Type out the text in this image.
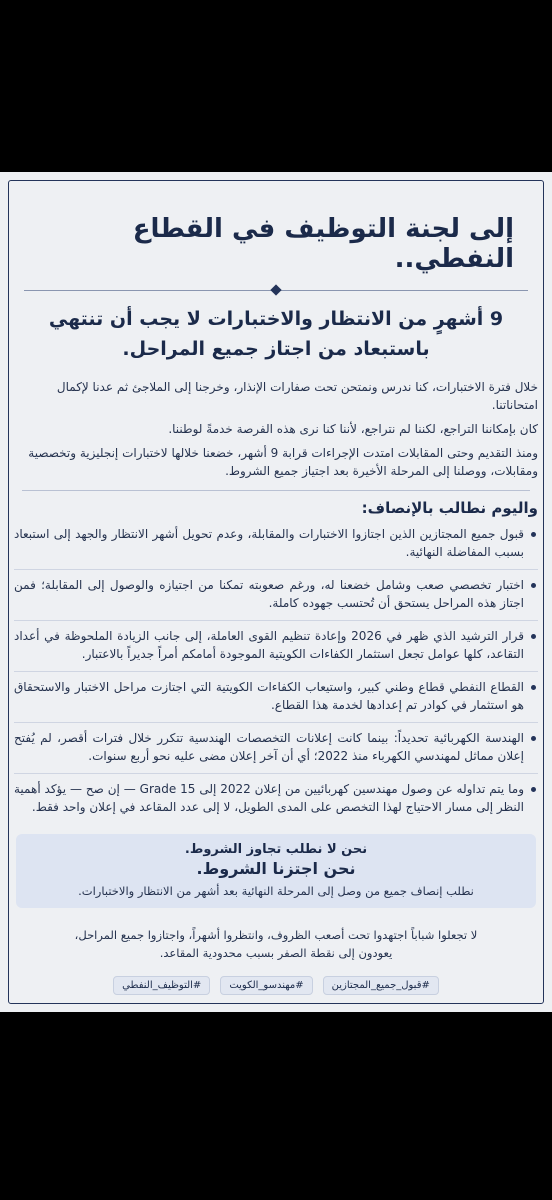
إلى لجنة التوظيف في القطاع النفطي..
9 أشهرٍ من الانتظار والاختبارات لا يجب أن تنتهي
باستبعاد من اجتاز جميع المراحل.

خلال فترة الاختبارات، كنا ندرس ونمتحن تحت صفارات الإنذار، وخرجنا إلى الملاجئ ثم عدنا لإكمال امتحاناتنا.

كان بإمكاننا التراجع، لكننا لم نتراجع، لأننا كنا نرى هذه الفرصة خدمةً لوطننا.

ومنذ التقديم وحتى المقابلات امتدت الإجراءات قرابة 9 أشهر، خضعنا خلالها لاختبارات إنجليزية وتخصصية ومقابلات، ووصلنا إلى المرحلة الأخيرة بعد اجتياز جميع الشروط.

واليوم نطالب بالإنصاف:
قبول جميع المجتازين الذين اجتازوا الاختبارات والمقابلة، وعدم تحويل أشهر الانتظار والجهد إلى استبعاد بسبب المفاضلة النهائية.
اختبار تخصصي صعب وشامل خضعنا له، ورغم صعوبته تمكنا من اجتيازه والوصول إلى المقابلة؛ فمن اجتاز هذه المراحل يستحق أن تُحتسب جهوده كاملة.
قرار الترشيد الذي ظهر في 2026 وإعادة تنظيم القوى العاملة، إلى جانب الزيادة الملحوظة في أعداد التقاعد، كلها عوامل تجعل استثمار الكفاءات الكويتية الموجودة أمامكم أمراً جديراً بالاعتبار.
القطاع النفطي قطاع وطني كبير، واستيعاب الكفاءات الكويتية التي اجتازت مراحل الاختبار والاستحقاق هو استثمار في كوادر تم إعدادها لخدمة هذا القطاع.
الهندسة الكهربائية تحديداً: بينما كانت إعلانات التخصصات الهندسية تتكرر خلال فترات أقصر، لم يُفتح إعلان مماثل لمهندسي الكهرباء منذ 2022؛ أي أن آخر إعلان مضى عليه نحو أربع سنوات.
وما يتم تداوله عن وصول مهندسين كهربائيين من إعلان 2022 إلى Grade 15 — إن صح — يؤكد أهمية النظر إلى مسار الاحتياج لهذا التخصص على المدى الطويل، لا إلى عدد المقاعد في إعلان واحد فقط.
نحن لا نطلب تجاوز الشروط.
نحن اجتزنا الشروط.
نطلب إنصاف جميع من وصل إلى المرحلة النهائية بعد أشهر من الانتظار والاختبارات.
لا تجعلوا شباباً اجتهدوا تحت أصعب الظروف، وانتظروا أشهراً، واجتازوا جميع المراحل،
يعودون إلى نقطة الصفر بسبب محدودية المقاعد.
#قبول_جميع_المجتازين
#مهندسو_الكويت
#التوظيف_النفطي
